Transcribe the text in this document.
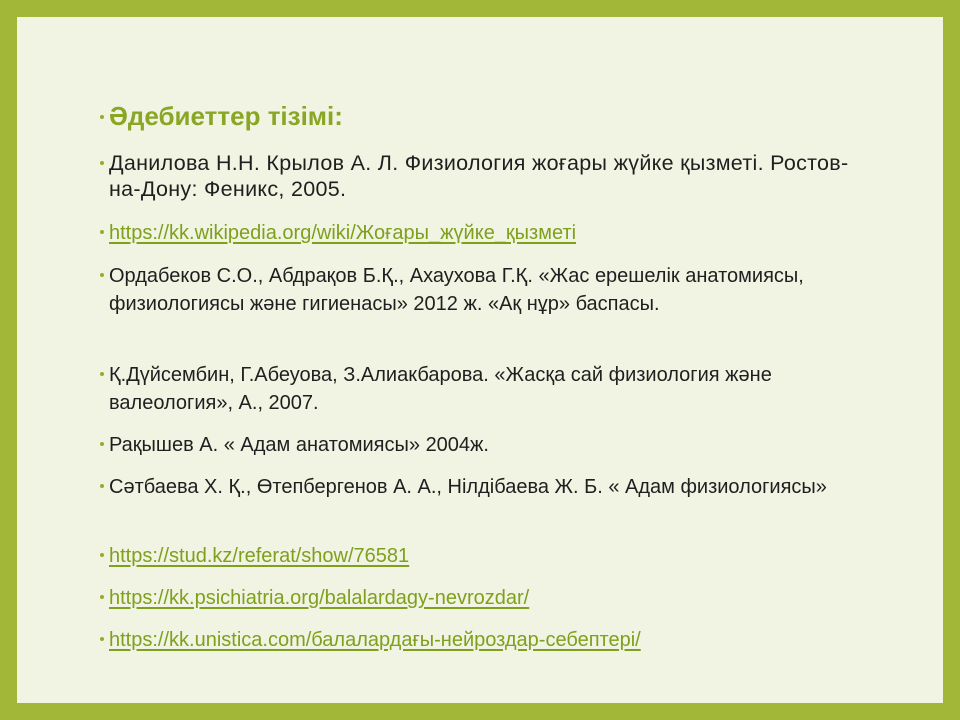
Әдебиеттер тізімі:
Данилова Н.Н. Крылов А. Л. Физиология жоғары жүйке қызметі. Ростов-на-Дону: Феникс, 2005.
https://kk.wikipedia.org/wiki/Жоғары_жүйке_қызметі
Ордабеков С.О., Абдрақов Б.Қ., Ахаухова Г.Қ. «Жас ерешелік анатомиясы, физиологиясы және гигиенасы» 2012 ж. «Ақ нұр» баспасы.
Қ.Дүйсембин, Г.Абеуова, З.Алиакбарова. «Жасқа сай физиология және валеология», А., 2007.
Рақышев А. « Адам анатомиясы» 2004ж.
Сәтбаева Х. Қ., Өтепбергенов А. А., Нілдібаева Ж. Б. « Адам физиологиясы»
https://stud.kz/referat/show/76581
https://kk.psichiatria.org/balalardagy-nevrozdar/
https://kk.unistica.com/балалардағы-нейроздар-себептері/
